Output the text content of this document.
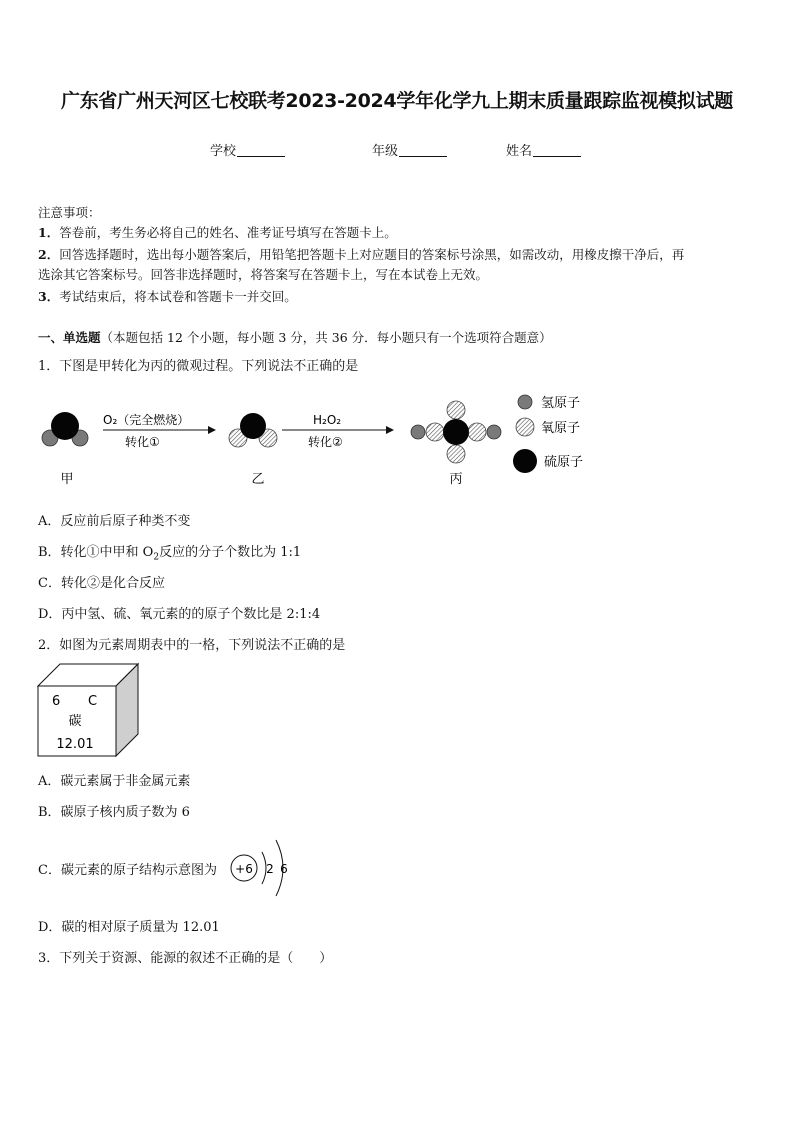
广东省广州天河区七校联考2023-2024学年化学九上期末质量跟踪监视模拟试题
学校	年级	姓名
注意事项：
1．答卷前，考生务必将自己的姓名、准考证号填写在答题卡上。
2．回答选择题时，选出每小题答案后，用铅笔把答题卡上对应题目的答案标号涂黑，如需改动，用橡皮擦干净后，再
选涂其它答案标号。回答非选择题时，将答案写在答题卡上，写在本试卷上无效。
3．考试结束后，将本试卷和答题卡一并交回。
一、单选题（本题包括 12 个小题，每小题 3 分，共 36 分．每小题只有一个选项符合题意）
1．下图是甲转化为丙的微观过程。下列说法不正确的是
甲
O₂（完全燃烧）
转化①
乙
H₂O₂
转化②
丙
氢原子
氧原子
硫原子
A．反应前后原子种类不变
B．转化①中甲和 $O_2$反应的分子个数比为 1:1
C．转化②是化合反应
D．丙中氢、硫、氧元素的的原子个数比是 2:1:4
2．如图为元素周期表中的一格，下列说法不正确的是
6 C
碳
12.01
A．碳元素属于非金属元素
B．碳原子核内质子数为 6
C．碳元素的原子结构示意图为 +6 2 6
D．碳的相对原子质量为 12.01
3．下列关于资源、能源的叙述不正确的是（　　）
